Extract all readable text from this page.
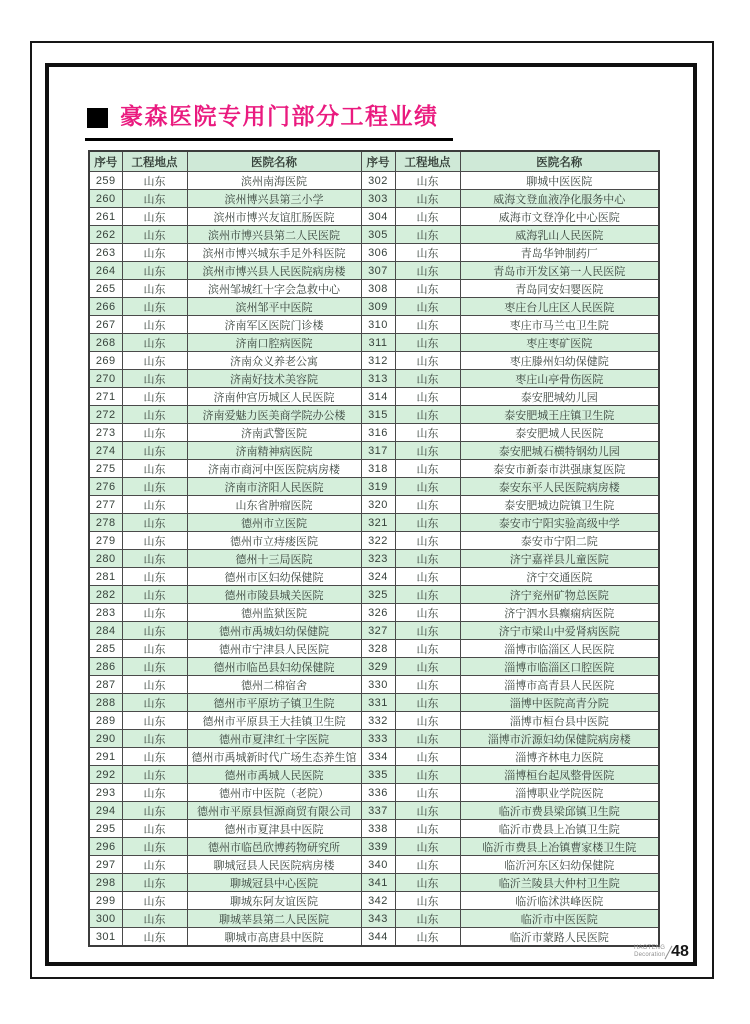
豪森医院专用门部分工程业绩
序号	工程地点	医院名称	序号	工程地点	医院名称
259	山东	滨州南海医院	302	山东	聊城中医医院
260	山东	滨州博兴县第三小学	303	山东	威海文登血液净化服务中心
261	山东	滨州市博兴友谊肛肠医院	304	山东	威海市文登净化中心医院
262	山东	滨州市博兴县第二人民医院	305	山东	威海乳山人民医院
263	山东	滨州市博兴城东手足外科医院	306	山东	青岛华钟制药厂
264	山东	滨州市博兴县人民医院病房楼	307	山东	青岛市开发区第一人民医院
265	山东	滨州邹城红十字会急救中心	308	山东	青岛同安妇婴医院
266	山东	滨州邹平中医院	309	山东	枣庄台儿庄区人民医院
267	山东	济南军区医院门诊楼	310	山东	枣庄市马兰屯卫生院
268	山东	济南口腔病医院	311	山东	枣庄枣矿医院
269	山东	济南众义养老公寓	312	山东	枣庄滕州妇幼保健院
270	山东	济南好技术美容院	313	山东	枣庄山亭骨伤医院
271	山东	济南仲宫历城区人民医院	314	山东	泰安肥城幼儿园
272	山东	济南爱魅力医美商学院办公楼	315	山东	泰安肥城王庄镇卫生院
273	山东	济南武警医院	316	山东	泰安肥城人民医院
274	山东	济南精神病医院	317	山东	泰安肥城石横特钢幼儿园
275	山东	济南市商河中医医院病房楼	318	山东	泰安市新泰市洪强康复医院
276	山东	济南市济阳人民医院	319	山东	泰安东平人民医院病房楼
277	山东	山东省肿瘤医院	320	山东	泰安肥城边院镇卫生院
278	山东	德州市立医院	321	山东	泰安市宁阳实验高级中学
279	山东	德州市立痔瘘医院	322	山东	泰安市宁阳二院
280	山东	德州十三局医院	323	山东	济宁嘉祥县儿童医院
281	山东	德州市区妇幼保健院	324	山东	济宁交通医院
282	山东	德州市陵县城关医院	325	山东	济宁兖州矿物总医院
283	山东	德州监狱医院	326	山东	济宁泗水县癫痫病医院
284	山东	德州市禹城妇幼保健院	327	山东	济宁市梁山中爱肾病医院
285	山东	德州市宁津县人民医院	328	山东	淄博市临淄区人民医院
286	山东	德州市临邑县妇幼保健院	329	山东	淄博市临淄区口腔医院
287	山东	德州二棉宿舍	330	山东	淄博市高青县人民医院
288	山东	德州市平原坊子镇卫生院	331	山东	淄博中医院高青分院
289	山东	德州市平原县王大挂镇卫生院	332	山东	淄博市桓台县中医院
290	山东	德州市夏津红十字医院	333	山东	淄博市沂源妇幼保健院病房楼
291	山东	德州市禹城新时代广场生态养生馆	334	山东	淄博齐林电力医院
292	山东	德州市禹城人民医院	335	山东	淄博桓台起凤整骨医院
293	山东	德州市中医院（老院）	336	山东	淄博职业学院医院
294	山东	德州市平原县恒源商贸有限公司	337	山东	临沂市费县梁邱镇卫生院
295	山东	德州市夏津县中医院	338	山东	临沂市费县上冶镇卫生院
296	山东	德州市临邑欣博药物研究所	339	山东	临沂市费县上冶镇曹家楼卫生院
297	山东	聊城冠县人民医院病房楼	340	山东	临沂河东区妇幼保健院
298	山东	聊城冠县中心医院	341	山东	临沂兰陵县大仲村卫生院
299	山东	聊城东阿友谊医院	342	山东	临沂临沭洪峰医院
300	山东	聊城莘县第二人民医院	343	山东	临沂市中医医院
301	山东	聊城市高唐县中医院	344	山东	临沂市蒙路人民医院
HAOTENG
Decoration 48
